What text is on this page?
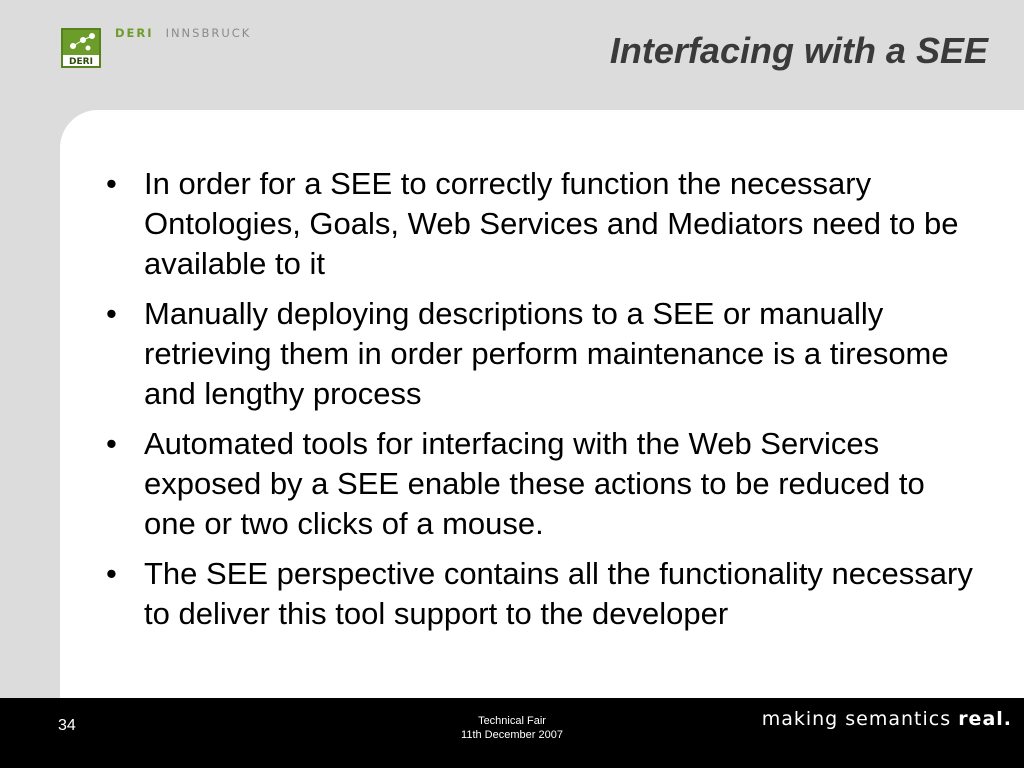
DERI
DERI INNSBRUCK	Interfacing with a SEE
• In order for a SEE to correctly function the necessary Ontologies, Goals, Web Services and Mediators need to be available to it
• Manually deploying descriptions to a SEE or manually retrieving them in order perform maintenance is a tiresome and lengthy process
• Automated tools for interfacing with the Web Services exposed by a SEE enable these actions to be reduced to one or two clicks of a mouse.
• The SEE perspective contains all the functionality necessary to deliver this tool support to the developer
34	Technical Fair
11th December 2007
making semantics real.
